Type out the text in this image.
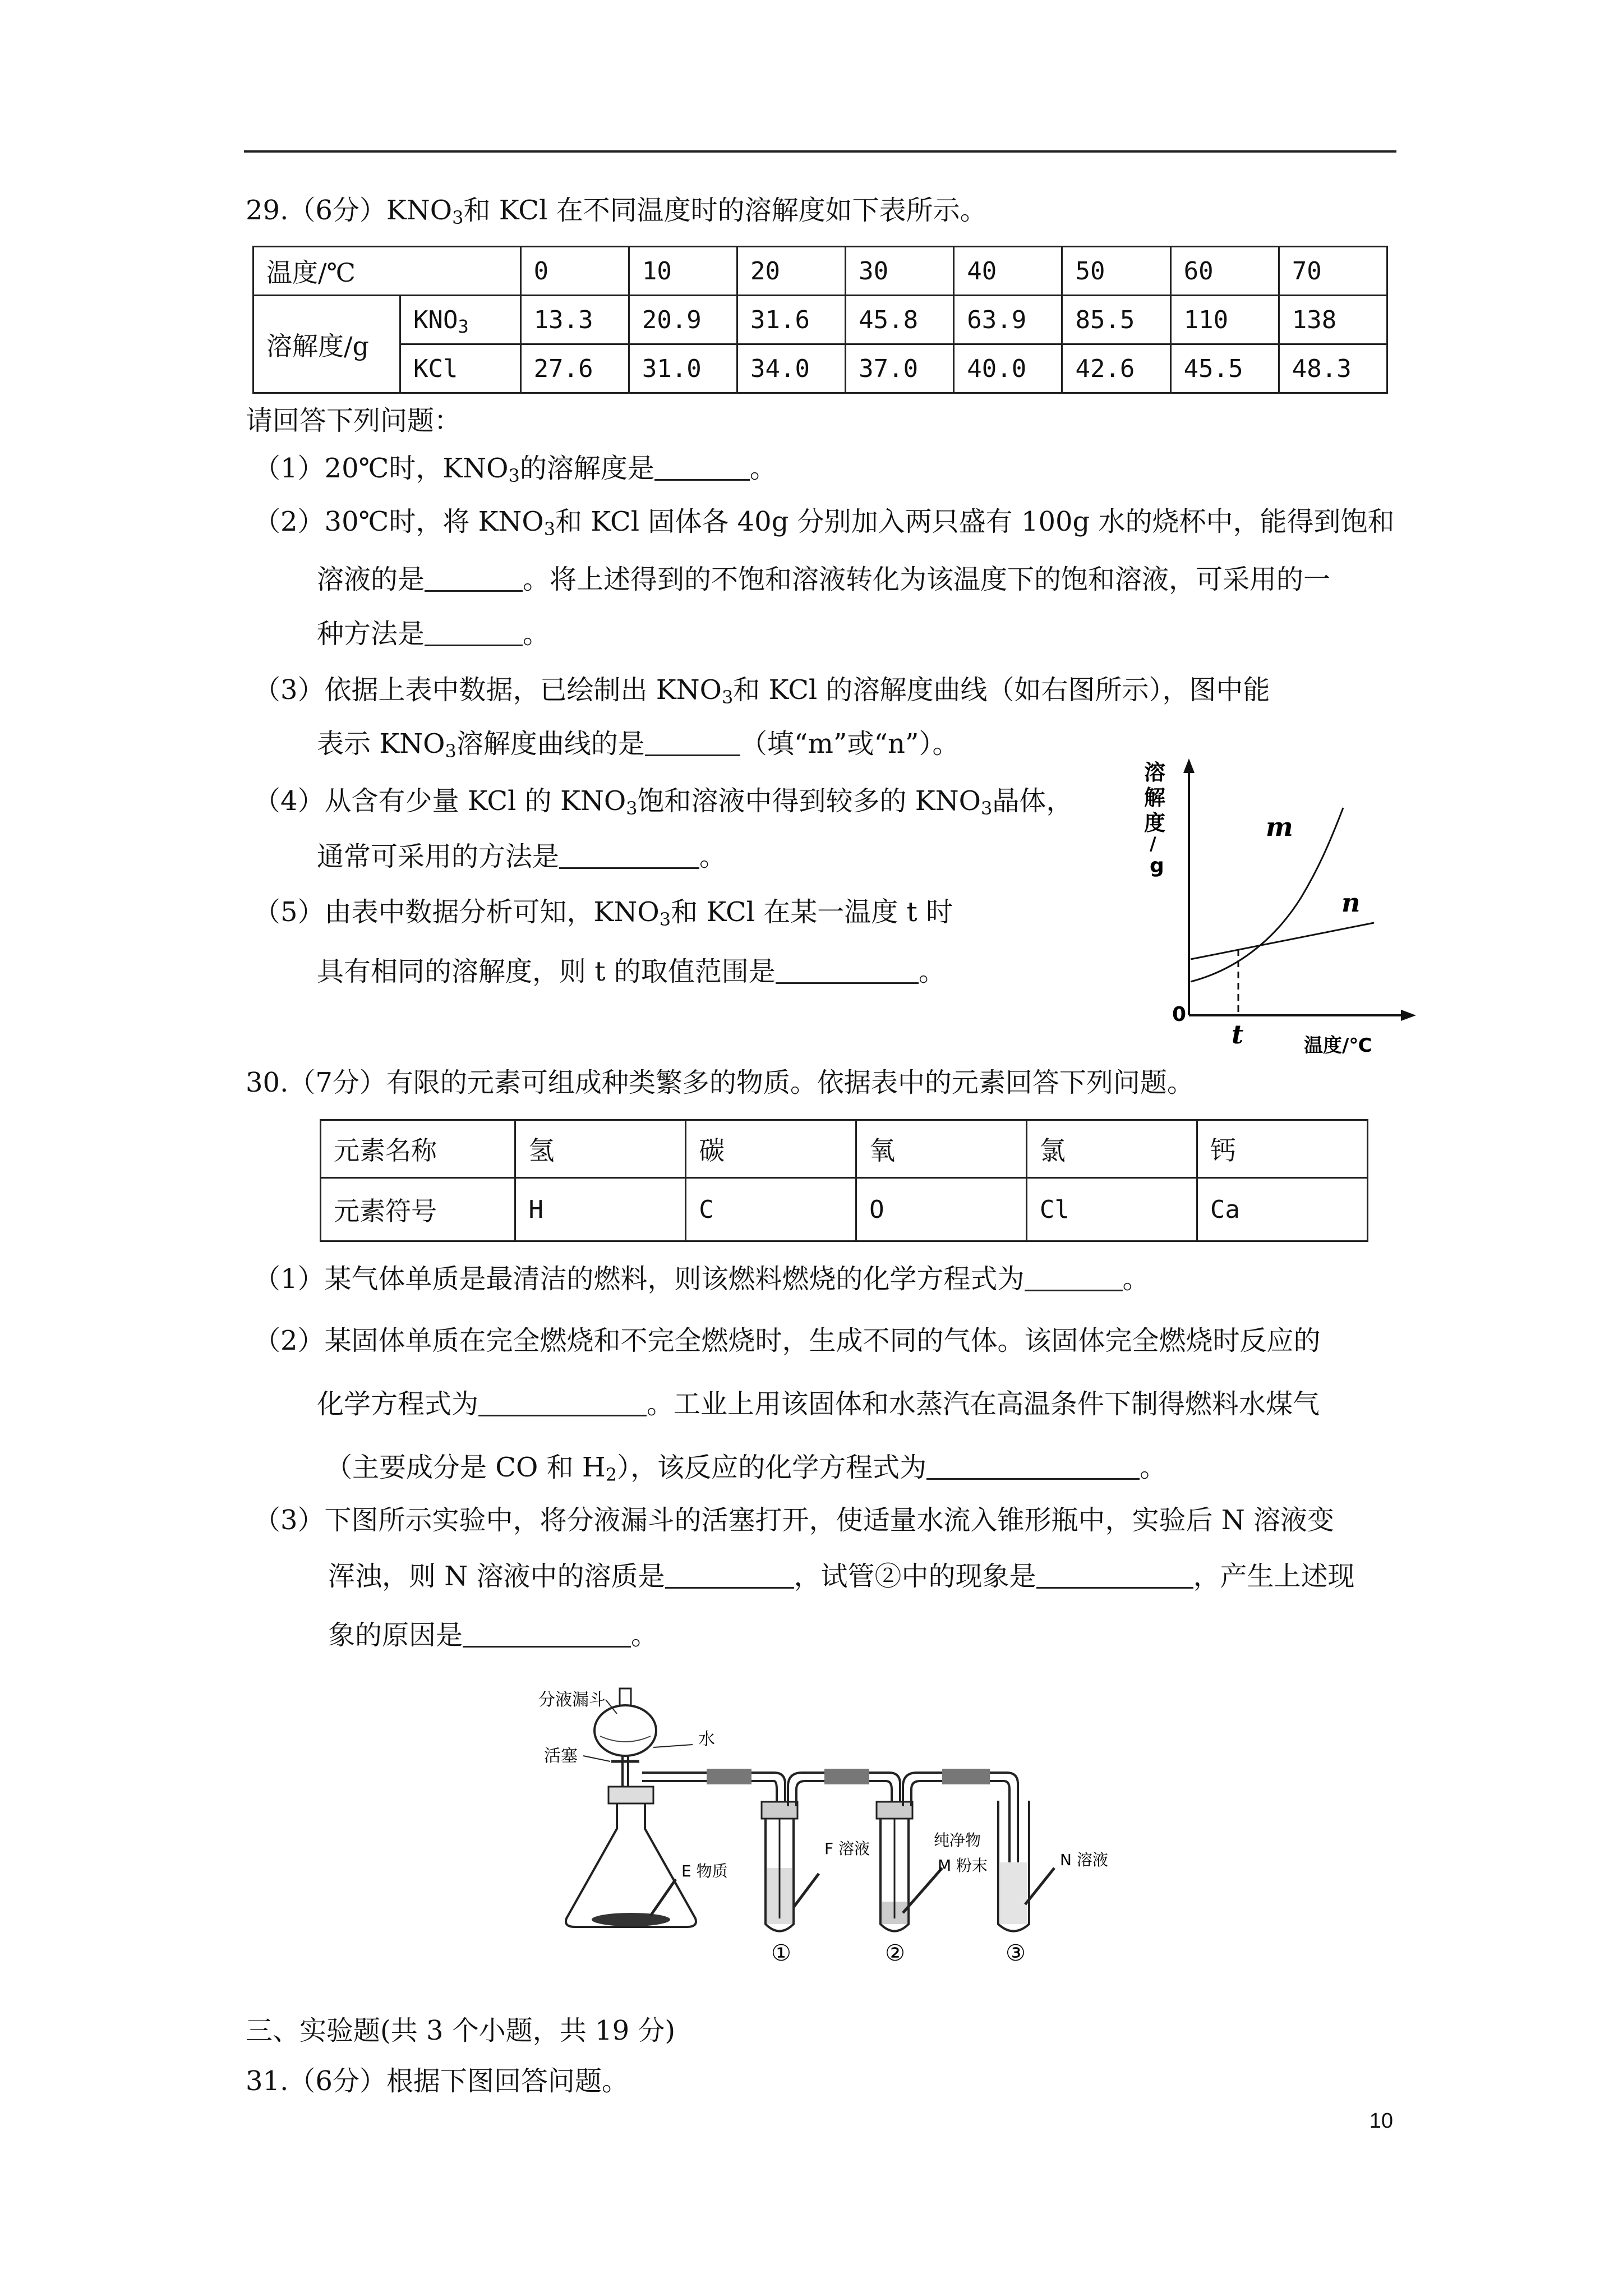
29.（6分）$KNO_3$和 KCl 在不同温度时的溶解度如下表所示。
温度/℃		0	10	20	30	40	50	60	70
溶解度/g	$KNO_3$	13.3	20.9	31.6	45.8	63.9	85.5	110	138
	KCl	27.6	31.0	34.0	37.0	40.0	42.6	45.5	48.3
请回答下列问题：
（1）20℃时，$KNO_3$的溶解度是	。
（2）30℃时，将 $KNO_3$和 KCl 固体各 40g 分别加入两只盛有 100g 水的烧杯中，能得到饱和
溶液的是	。将上述得到的不饱和溶液转化为该温度下的饱和溶液，可采用的一
种方法是	。
（3）依据上表中数据，已绘制出 $KNO_3$和 KCl 的溶解度曲线（如右图所示），图中能
表示 $KNO_3$溶解度曲线的是	（填“m”或“n”）。
（4）从含有少量 KCl 的 $KNO_3$饱和溶液中得到较多的 $KNO_3$晶体，
通常可采用的方法是	。
（5）由表中数据分析可知，$KNO_3$和 KCl 在某一温度 t 时
具有相同的溶解度，则 t 的取值范围是	。
溶
解
度
/
g
m
n
0
t	温度/℃
30.（7分）有限的元素可组成种类繁多的物质。依据表中的元素回答下列问题。
元素名称	氢	碳	氧	氯	钙
元素符号	H	C	O	Cl	Ca
（1）某气体单质是最清洁的燃料，则该燃料燃烧的化学方程式为	。
（2）某固体单质在完全燃烧和不完全燃烧时，生成不同的气体。该固体完全燃烧时反应的
化学方程式为	。工业上用该固体和水蒸汽在高温条件下制得燃料水煤气
（主要成分是 CO 和 $H_2$），该反应的化学方程式为	。
（3）下图所示实验中，将分液漏斗的活塞打开，使适量水流入锥形瓶中，实验后 N 溶液变
浑浊，则 N 溶液中的溶质是	，试管②中的现象是	，产生上述现
象的原因是	。
分液漏斗
活塞
水
E 物质
F 溶液	纯净物
M 粉末	N 溶液
①	②	③
三、实验题(共 3 个小题，共 19 分)
31.（6分）根据下图回答问题。
10
